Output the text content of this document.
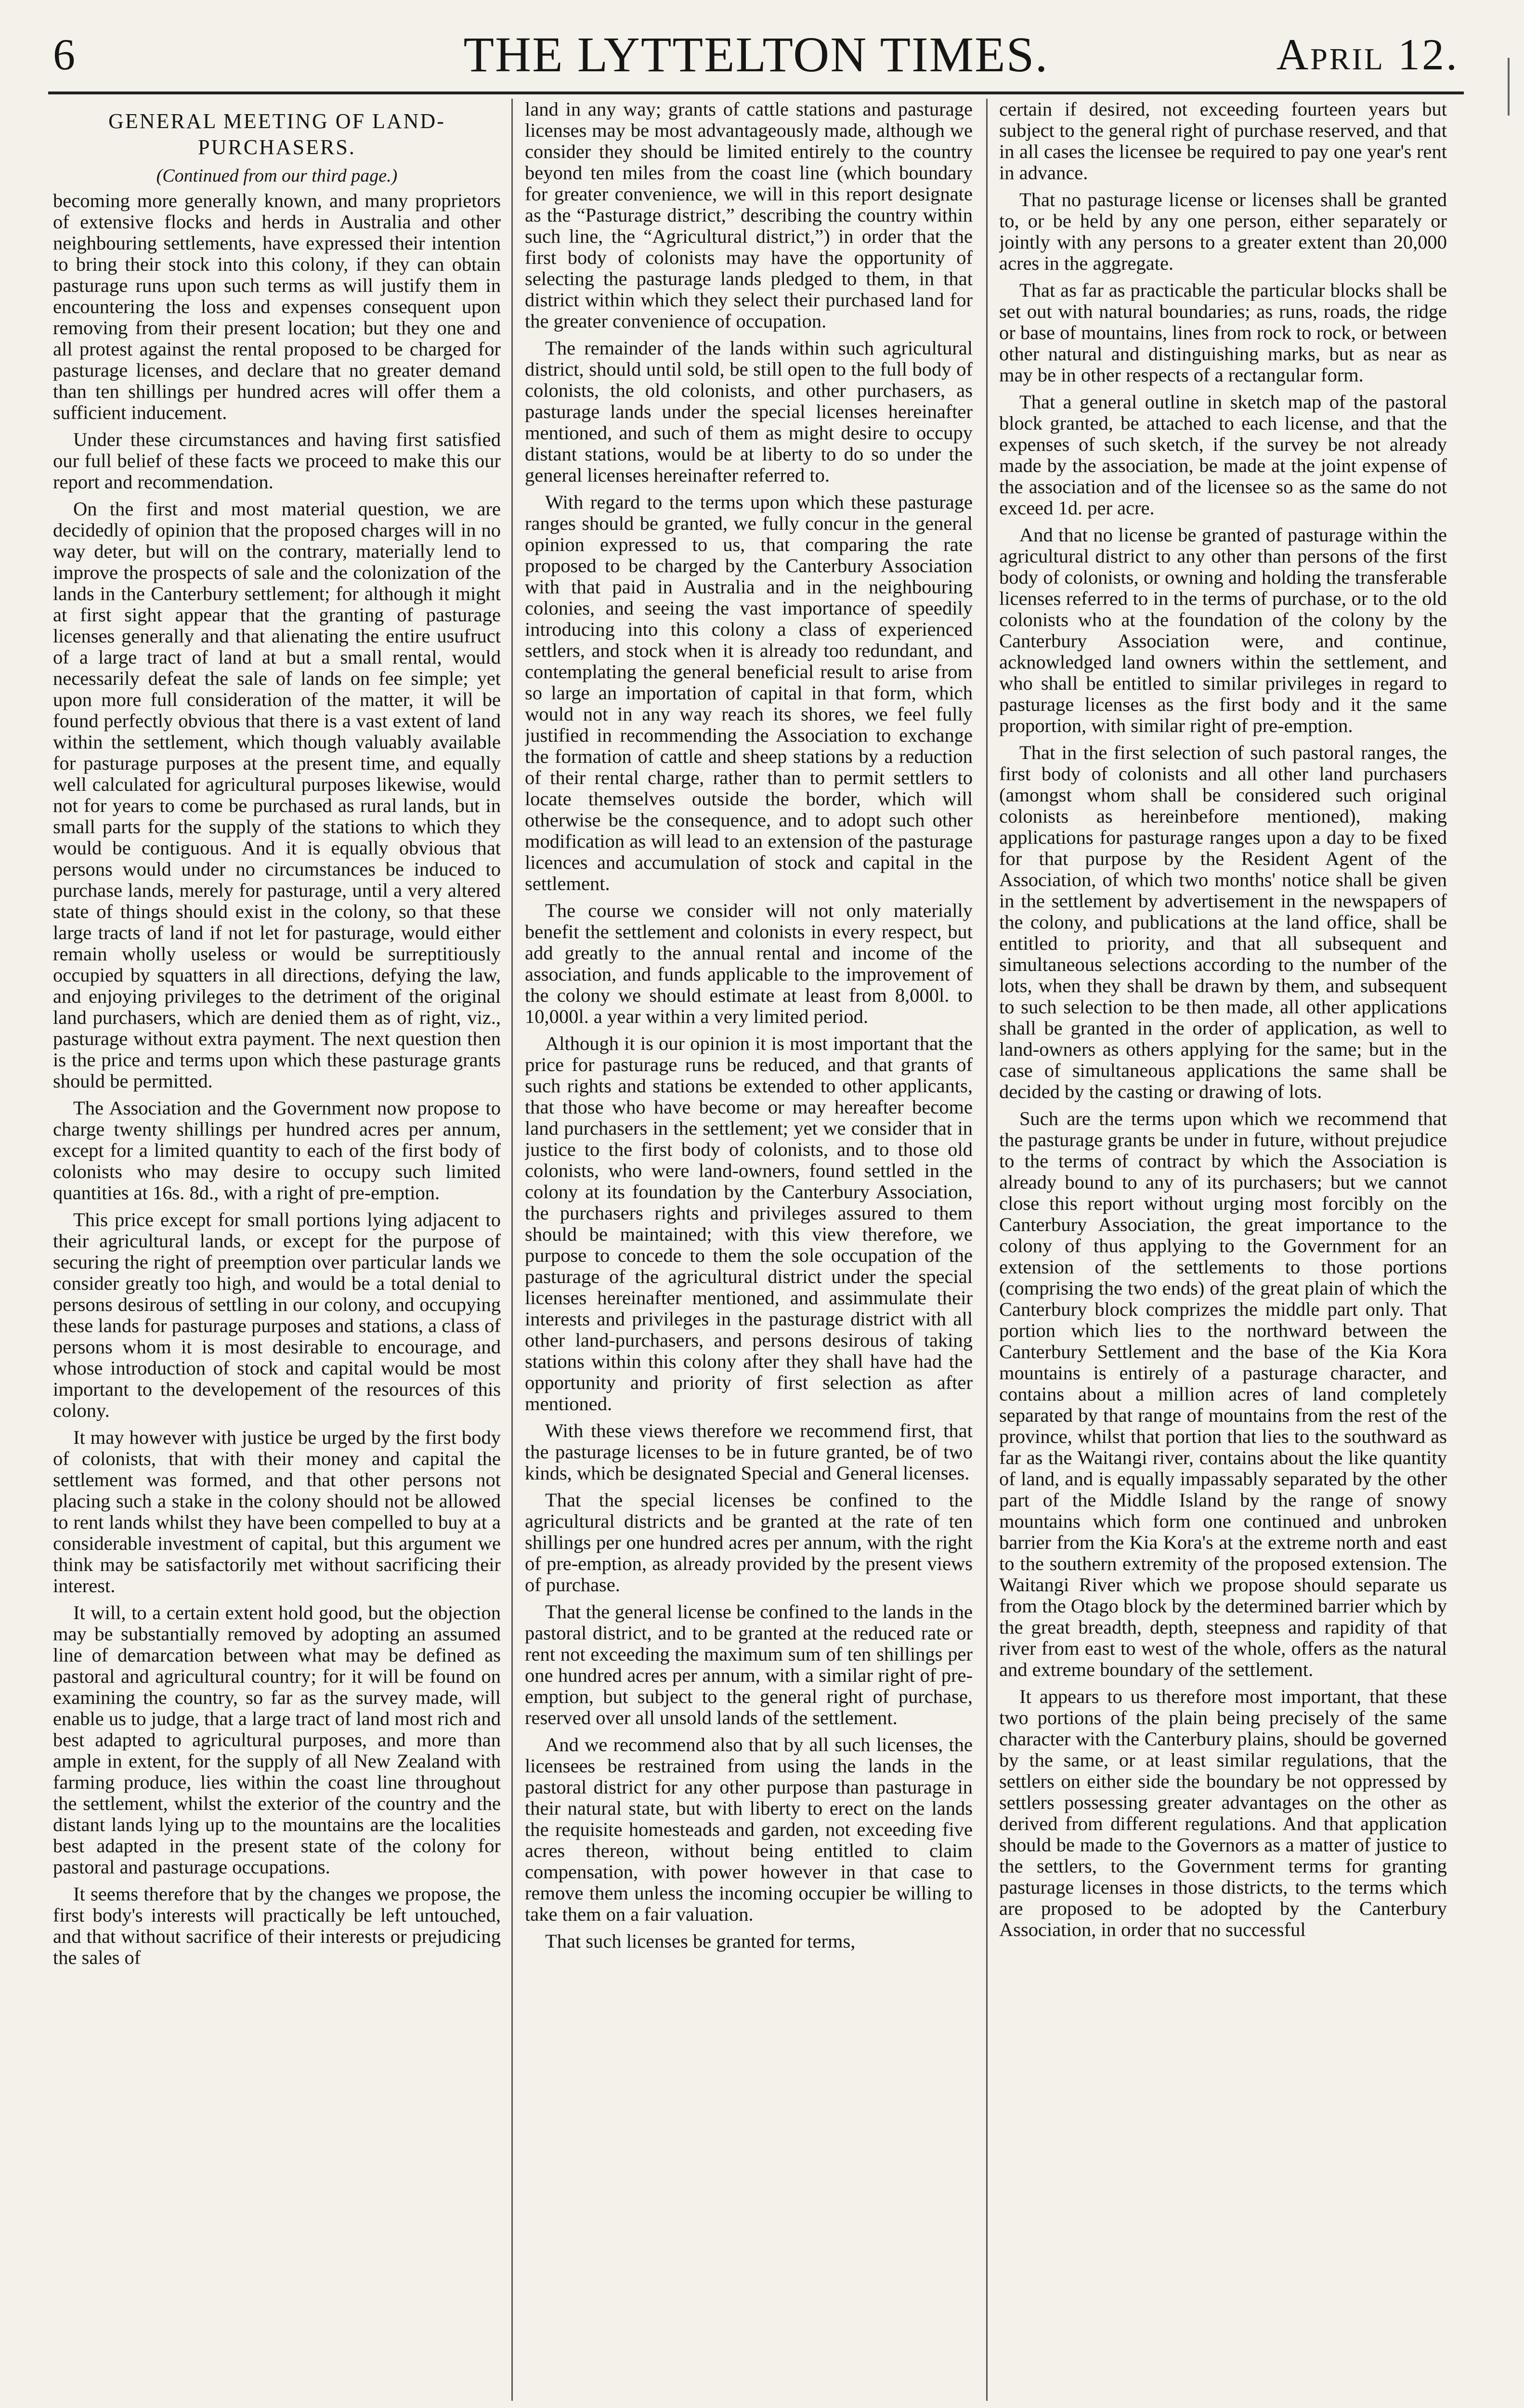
6	THE LYTTELTON TIMES.	April 12.
GENERAL MEETING OF LAND-PURCHASERS.
(Continued from our third page.)

becoming more generally known, and many proprietors of extensive flocks and herds in Australia and other neighbouring settlements, have expressed their intention to bring their stock into this colony, if they can obtain pasturage runs upon such terms as will justify them in encountering the loss and expenses consequent upon removing from their present location; but they one and all protest against the rental proposed to be charged for pasturage licenses, and declare that no greater demand than ten shillings per hundred acres will offer them a sufficient inducement.

Under these circumstances and having first satisfied our full belief of these facts we proceed to make this our report and recommendation.

On the first and most material question, we are decidedly of opinion that the proposed charges will in no way deter, but will on the contrary, materially lend to improve the prospects of sale and the colonization of the lands in the Canterbury settlement; for although it might at first sight appear that the granting of pasturage licenses generally and that alienating the entire usufruct of a large tract of land at but a small rental, would necessarily defeat the sale of lands on fee simple; yet upon more full consideration of the matter, it will be found perfectly obvious that there is a vast extent of land within the settlement, which though valuably available for pasturage purposes at the present time, and equally well calculated for agricultural purposes likewise, would not for years to come be purchased as rural lands, but in small parts for the supply of the stations to which they would be contiguous. And it is equally obvious that persons would under no circumstances be induced to purchase lands, merely for pasturage, until a very altered state of things should exist in the colony, so that these large tracts of land if not let for pasturage, would either remain wholly useless or would be surreptitiously occupied by squatters in all directions, defying the law, and enjoying privileges to the detriment of the original land purchasers, which are denied them as of right, viz., pasturage without extra payment. The next question then is the price and terms upon which these pasturage grants should be permitted.

The Association and the Government now propose to charge twenty shillings per hundred acres per annum, except for a limited quantity to each of the first body of colonists who may desire to occupy such limited quantities at 16s. 8d., with a right of pre-emption.

This price except for small portions lying adjacent to their agricultural lands, or except for the purpose of securing the right of preemption over particular lands we consider greatly too high, and would be a total denial to persons desirous of settling in our colony, and occupying these lands for pasturage purposes and stations, a class of persons whom it is most desirable to encourage, and whose introduction of stock and capital would be most important to the developement of the resources of this colony.

It may however with justice be urged by the first body of colonists, that with their money and capital the settlement was formed, and that other persons not placing such a stake in the colony should not be allowed to rent lands whilst they have been compelled to buy at a considerable investment of capital, but this argument we think may be satisfactorily met without sacrificing their interest.

It will, to a certain extent hold good, but the objection may be substantially removed by adopting an assumed line of demarcation between what may be defined as pastoral and agricultural country; for it will be found on examining the country, so far as the survey made, will enable us to judge, that a large tract of land most rich and best adapted to agricultural purposes, and more than ample in extent, for the supply of all New Zealand with farming produce, lies within the coast line throughout the settlement, whilst the exterior of the country and the distant lands lying up to the mountains are the localities best adapted in the present state of the colony for pastoral and pasturage occupations.

It seems therefore that by the changes we propose, the first body's interests will practically be left untouched, and that without sacrifice of their interests or prejudicing the sales of

land in any way; grants of cattle stations and pasturage licenses may be most advantageously made, although we consider they should be limited entirely to the country beyond ten miles from the coast line (which boundary for greater convenience, we will in this report designate as the “Pasturage district,” describing the country within such line, the “Agricultural district,”) in order that the first body of colonists may have the opportunity of selecting the pasturage lands pledged to them, in that district within which they select their purchased land for the greater convenience of occupation.

The remainder of the lands within such agricultural district, should until sold, be still open to the full body of colonists, the old colonists, and other purchasers, as pasturage lands under the special licenses hereinafter mentioned, and such of them as might desire to occupy distant stations, would be at liberty to do so under the general licenses hereinafter referred to.

With regard to the terms upon which these pasturage ranges should be granted, we fully concur in the general opinion expressed to us, that comparing the rate proposed to be charged by the Canterbury Association with that paid in Australia and in the neighbouring colonies, and seeing the vast importance of speedily introducing into this colony a class of experienced settlers, and stock when it is already too redundant, and contemplating the general beneficial result to arise from so large an importation of capital in that form, which would not in any way reach its shores, we feel fully justified in recommending the Association to exchange the formation of cattle and sheep stations by a reduction of their rental charge, rather than to permit settlers to locate themselves outside the border, which will otherwise be the consequence, and to adopt such other modification as will lead to an extension of the pasturage licences and accumulation of stock and capital in the settlement.

The course we consider will not only materially benefit the settlement and colonists in every respect, but add greatly to the annual rental and income of the association, and funds applicable to the improvement of the colony we should estimate at least from 8,000l. to 10,000l. a year within a very limited period.

Although it is our opinion it is most important that the price for pasturage runs be reduced, and that grants of such rights and stations be extended to other applicants, that those who have become or may hereafter become land purchasers in the settlement; yet we consider that in justice to the first body of colonists, and to those old colonists, who were land-owners, found settled in the colony at its foundation by the Canterbury Association, the purchasers rights and privileges assured to them should be maintained; with this view therefore, we purpose to concede to them the sole occupation of the pasturage of the agricultural district under the special licenses hereinafter mentioned, and assimmulate their interests and privileges in the pasturage district with all other land-purchasers, and persons desirous of taking stations within this colony after they shall have had the opportunity and priority of first selection as after mentioned.

With these views therefore we recommend first, that the pasturage licenses to be in future granted, be of two kinds, which be designated Special and General licenses.

That the special licenses be confined to the agricultural districts and be granted at the rate of ten shillings per one hundred acres per annum, with the right of pre-emption, as already provided by the present views of purchase.

That the general license be confined to the lands in the pastoral district, and to be granted at the reduced rate or rent not exceeding the maximum sum of ten shillings per one hundred acres per annum, with a similar right of pre-emption, but subject to the general right of purchase, reserved over all unsold lands of the settlement.

And we recommend also that by all such licenses, the licensees be restrained from using the lands in the pastoral district for any other purpose than pasturage in their natural state, but with liberty to erect on the lands the requisite homesteads and garden, not exceeding five acres thereon, without being entitled to claim compensation, with power however in that case to remove them unless the incoming occupier be willing to take them on a fair valuation.

That such licenses be granted for terms,

certain if desired, not exceeding fourteen years but subject to the general right of purchase reserved, and that in all cases the licensee be required to pay one year's rent in advance.

That no pasturage license or licenses shall be granted to, or be held by any one person, either separately or jointly with any persons to a greater extent than 20,000 acres in the aggregate.

That as far as practicable the particular blocks shall be set out with natural boundaries; as runs, roads, the ridge or base of mountains, lines from rock to rock, or between other natural and distinguishing marks, but as near as may be in other respects of a rectangular form.

That a general outline in sketch map of the pastoral block granted, be attached to each license, and that the expenses of such sketch, if the survey be not already made by the association, be made at the joint expense of the association and of the licensee so as the same do not exceed 1d. per acre.

And that no license be granted of pasturage within the agricultural district to any other than persons of the first body of colonists, or owning and holding the transferable licenses referred to in the terms of purchase, or to the old colonists who at the foundation of the colony by the Canterbury Association were, and continue, acknowledged land owners within the settlement, and who shall be entitled to similar privileges in regard to pasturage licenses as the first body and it the same proportion, with similar right of pre-emption.

That in the first selection of such pastoral ranges, the first body of colonists and all other land purchasers (amongst whom shall be considered such original colonists as hereinbefore mentioned), making applications for pasturage ranges upon a day to be fixed for that purpose by the Resident Agent of the Association, of which two months' notice shall be given in the settlement by advertisement in the newspapers of the colony, and publications at the land office, shall be entitled to priority, and that all subsequent and simultaneous selections according to the number of the lots, when they shall be drawn by them, and subsequent to such selection to be then made, all other applications shall be granted in the order of application, as well to land-owners as others applying for the same; but in the case of simultaneous applications the same shall be decided by the casting or drawing of lots.

Such are the terms upon which we recommend that the pasturage grants be under in future, without prejudice to the terms of contract by which the Association is already bound to any of its purchasers; but we cannot close this report without urging most forcibly on the Canterbury Association, the great importance to the colony of thus applying to the Government for an extension of the settlements to those portions (comprising the two ends) of the great plain of which the Canterbury block comprizes the middle part only. That portion which lies to the northward between the Canterbury Settlement and the base of the Kia Kora mountains is entirely of a pasturage character, and contains about a million acres of land completely separated by that range of mountains from the rest of the province, whilst that portion that lies to the southward as far as the Waitangi river, contains about the like quantity of land, and is equally impassably separated by the other part of the Middle Island by the range of snowy mountains which form one continued and unbroken barrier from the Kia Kora's at the extreme north and east to the southern extremity of the proposed extension. The Waitangi River which we propose should separate us from the Otago block by the determined barrier which by the great breadth, depth, steepness and rapidity of that river from east to west of the whole, offers as the natural and extreme boundary of the settlement.

It appears to us therefore most important, that these two portions of the plain being precisely of the same character with the Canterbury plains, should be governed by the same, or at least similar regulations, that the settlers on either side the boundary be not oppressed by settlers possessing greater advantages on the other as derived from different regulations. And that application should be made to the Governors as a matter of justice to the settlers, to the Government terms for granting pasturage licenses in those districts, to the terms which are proposed to be adopted by the Canterbury Association, in order that no successful
